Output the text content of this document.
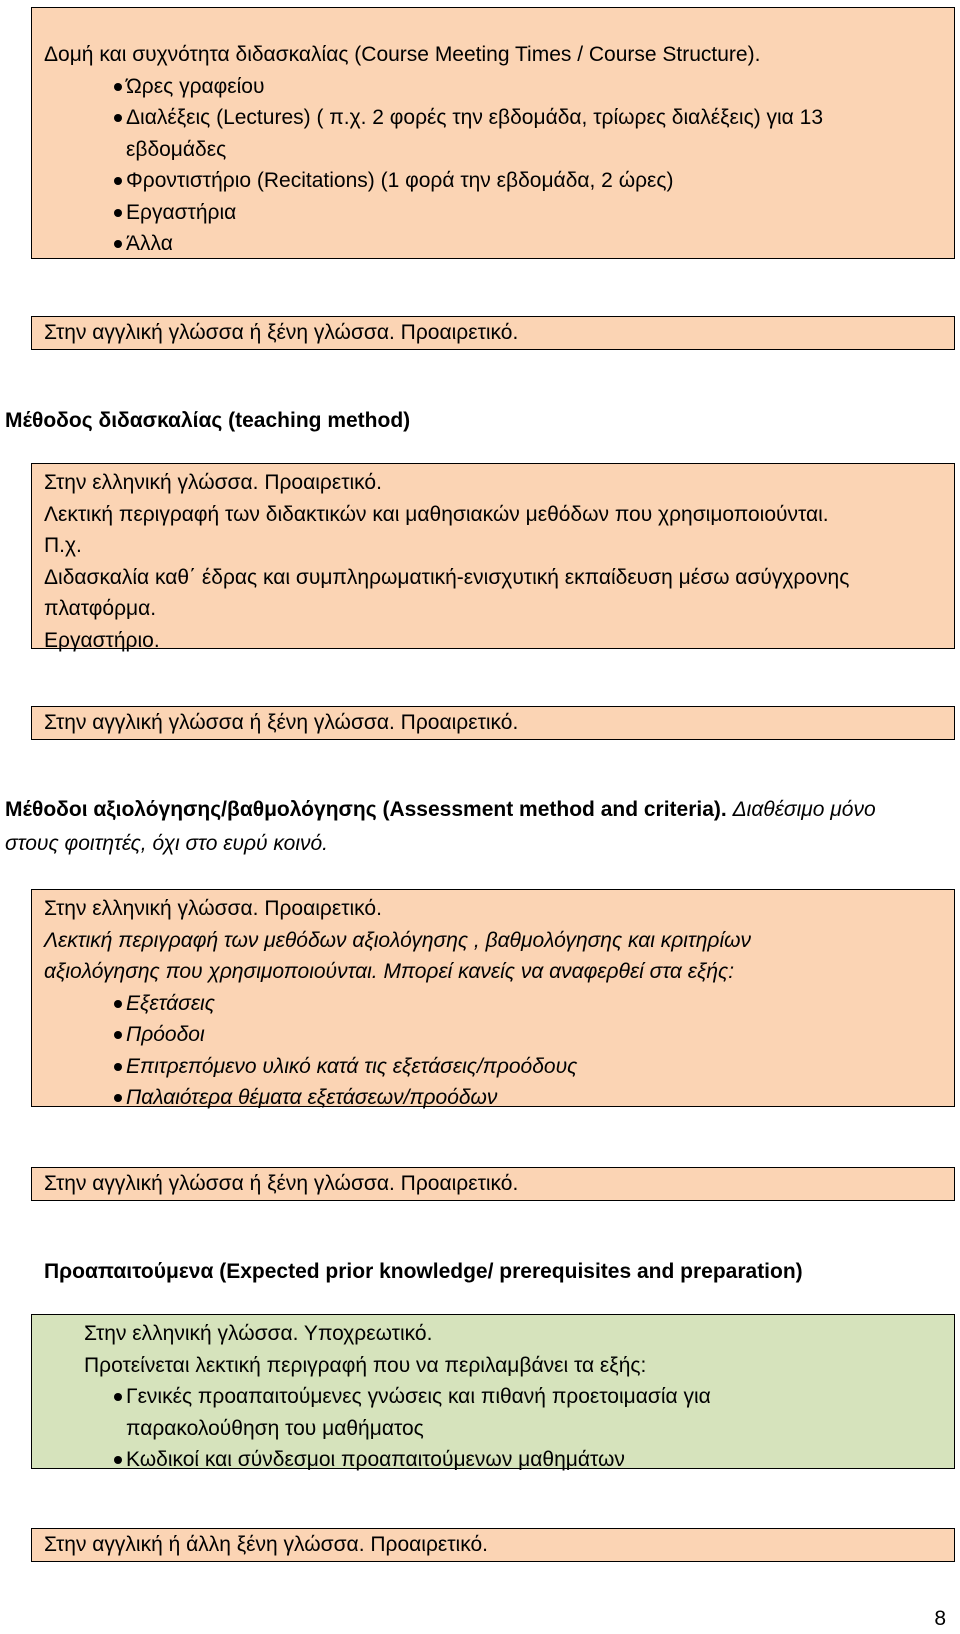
Δομή και συχνότητα διδασκαλίας (Course Meeting Times / Course Structure).
Ώρες γραφείου
Διαλέξεις (Lectures) ( π.χ. 2 φορές την εβδομάδα, τρίωρες διαλέξεις) για 13 εβδομάδες
Φροντιστήριο (Recitations) (1 φορά την εβδομάδα, 2 ώρες)
Εργαστήρια
Άλλα
Στην αγγλική γλώσσα ή ξένη γλώσσα. Προαιρετικό.
Μέθοδος διδασκαλίας (teaching method)
Στην ελληνική γλώσσα. Προαιρετικό.
Λεκτική περιγραφή των διδακτικών και μαθησιακών μεθόδων που χρησιμοποιούνται.
Π.χ.
Διδασκαλία καθ΄ έδρας και συμπληρωματική-ενισχυτική εκπαίδευση μέσω ασύγχρονης πλατφόρμα.
Εργαστήριο.
Στην αγγλική γλώσσα ή ξένη γλώσσα. Προαιρετικό.
Μέθοδοι αξιολόγησης/βαθμολόγησης (Assessment method and criteria). Διαθέσιμο μόνο στους φοιτητές, όχι στο ευρύ κοινό.
Στην ελληνική γλώσσα. Προαιρετικό.
Λεκτική περιγραφή των μεθόδων αξιολόγησης , βαθμολόγησης και κριτηρίων αξιολόγησης που χρησιμοποιούνται. Μπορεί κανείς να αναφερθεί στα εξής:
Εξετάσεις
Πρόοδοι
Επιτρεπόμενο υλικό κατά τις εξετάσεις/προόδους
Παλαιότερα θέματα εξετάσεων/προόδων
Στην αγγλική γλώσσα ή ξένη γλώσσα. Προαιρετικό.
Προαπαιτούμενα (Expected prior knowledge/ prerequisites and preparation)
Στην ελληνική γλώσσα. Υποχρεωτικό.
Προτείνεται λεκτική περιγραφή που να περιλαμβάνει τα εξής:
Γενικές προαπαιτούμενες γνώσεις και πιθανή προετοιμασία για παρακολούθηση του μαθήματος
Κωδικοί και σύνδεσμοι προαπαιτούμενων μαθημάτων
Στην αγγλική ή άλλη ξένη γλώσσα. Προαιρετικό.
8
